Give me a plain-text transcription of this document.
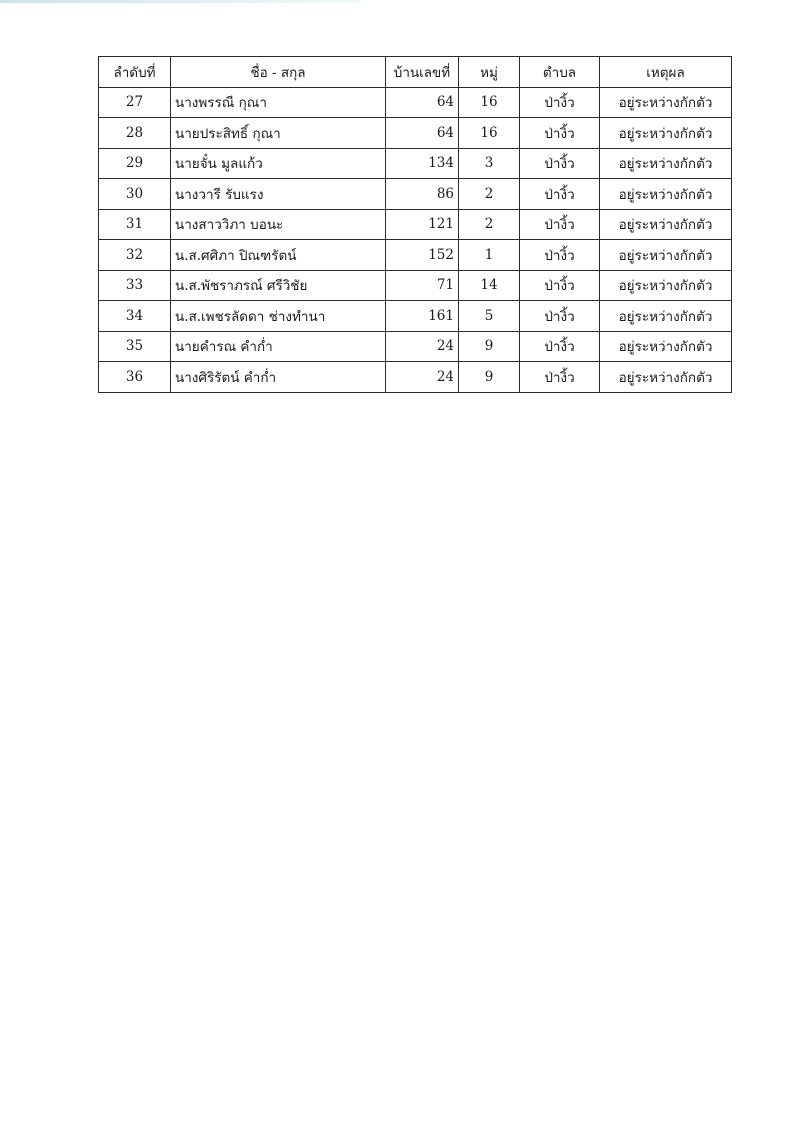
ลำดับที่	ชื่อ - สกุล	บ้านเลขที่	หมู่	ตำบล	เหตุผล
27	นางพรรณี กุณา	64	16	ป่างิ้ว	อยู่ระหว่างกักตัว
28	นายประสิทธิ์ กุณา	64	16	ป่างิ้ว	อยู่ระหว่างกักตัว
29	นายจั๋น มูลแก้ว	134	3	ป่างิ้ว	อยู่ระหว่างกักตัว
30	นางวารี รับแรง	86	2	ป่างิ้ว	อยู่ระหว่างกักตัว
31	นางสาววิภา บอนะ	121	2	ป่างิ้ว	อยู่ระหว่างกักตัว
32	น.ส.ศศิภา ปิณฑรัตน์	152	1	ป่างิ้ว	อยู่ระหว่างกักตัว
33	น.ส.พัชราภรณ์ ศรีวิชัย	71	14	ป่างิ้ว	อยู่ระหว่างกักตัว
34	น.ส.เพชรลัดดา ช่างทำนา	161	5	ป่างิ้ว	อยู่ระหว่างกักตัว
35	นายคำรณ คำก่ำ	24	9	ป่างิ้ว	อยู่ระหว่างกักตัว
36	นางศิริรัตน์ คำก่ำ	24	9	ป่างิ้ว	อยู่ระหว่างกักตัว
